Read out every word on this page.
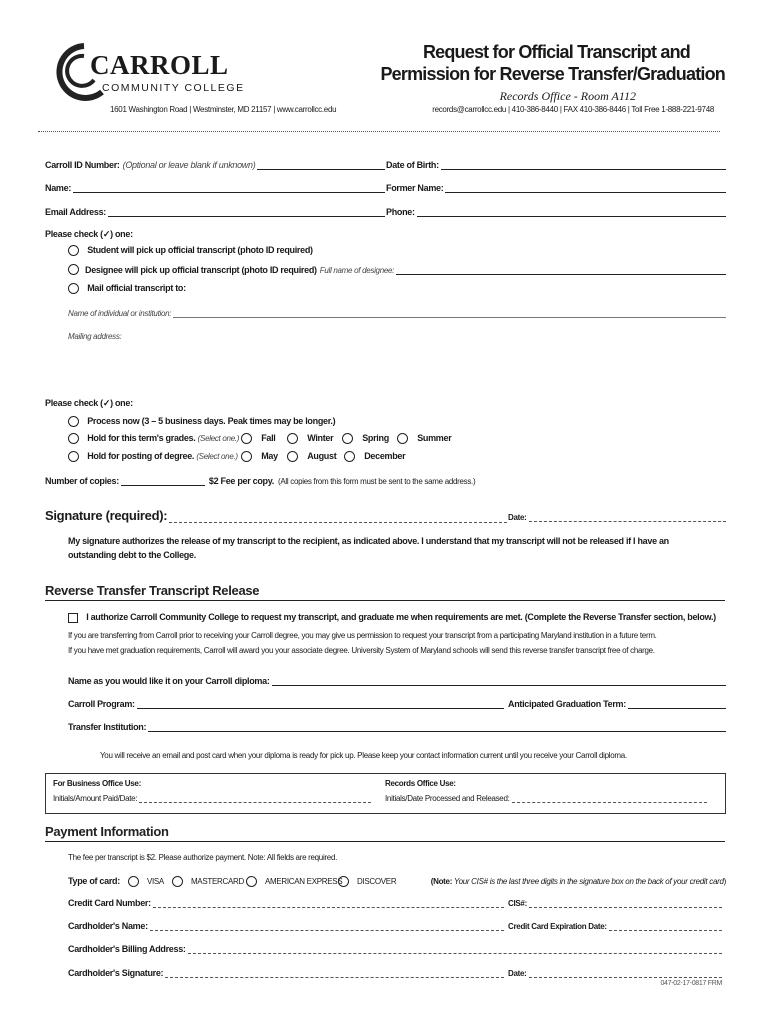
CARROLL
COMMUNITY COLLEGE
1601 Washington Road | Westminster, MD 21157 | www.carrollcc.edu
Request for Official Transcript and
Permission for Reverse Transfer/Graduation
Records Office - Room A112
records@carrollcc.edu | 410-386-8440 | FAX 410-386-8446 | Toll Free 1-888-221-9748
Carroll ID Number: (Optional or leave blank if unknown)	Date of Birth:
Name:	Former Name:
Email Address:	Phone:
Please check (✓) one:
Student will pick up official transcript (photo ID required)
Designee will pick up official transcript (photo ID required) Full name of designee:
Mail official transcript to:
Name of individual or institution:
Mailing address:
Please check (✓) one:
Process now (3 – 5 business days. Peak times may be longer.)
Hold for this term's grades. (Select one.)	Fall	Winter	Spring	Summer
Hold for posting of degree. (Select one.)	May	August	December
Number of copies:	$2 Fee per copy. (All copies from this form must be sent to the same address.)
Signature (required):	Date:
My signature authorizes the release of my transcript to the recipient, as indicated above. I understand that my transcript will not be released if I have an outstanding debt to the College.
Reverse Transfer Transcript Release
I authorize Carroll Community College to request my transcript, and graduate me when requirements are met. (Complete the Reverse Transfer section, below.)
If you are transferring from Carroll prior to receiving your Carroll degree, you may give us permission to request your transcript from a participating Maryland institution in a future term.
If you have met graduation requirements, Carroll will award you your associate degree. University System of Maryland schools will send this reverse transfer transcript free of charge.
Name as you would like it on your Carroll diploma:
Carroll Program:	Anticipated Graduation Term:
Transfer Institution:
You will receive an email and post card when your diploma is ready for pick up. Please keep your contact information current until you receive your Carroll diploma.
For Business Office Use:
Initials/Amount Paid/Date:
Records Office Use:
Initials/Date Processed and Released:
Payment Information
The fee per transcript is $2. Please authorize payment. Note: All fields are required.
Type of card:	VISA	MASTERCARD	AMERICAN EXPRESS	DISCOVER	(Note: Your CIS# is the last three digits in the signature box on the back of your credit card)
Credit Card Number:	CIS#:
Cardholder's Name:	Credit Card Expiration Date:
Cardholder's Billing Address:
Cardholder's Signature:	Date:
047-02-17-0817 FRM
